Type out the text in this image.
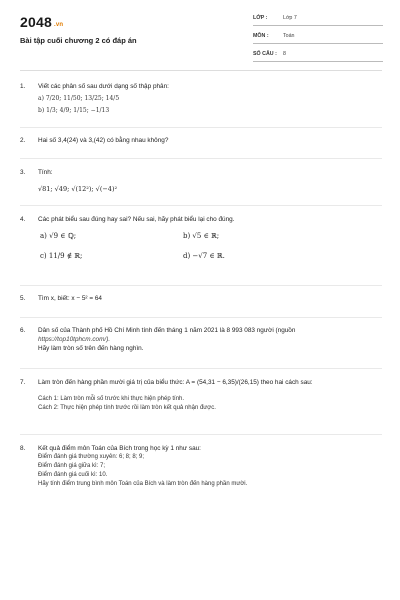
2048 .vn
Bài tập cuối chương 2 có đáp án
LỚP :	Lớp 7
MÔN :	Toán
SỐ CÂU : 8
1.	Viết các phân số sau dưới dạng số thập phân:
a) 7/20; 11/50; 13/25; 14/5
b) 1/3; 4/9; 1/15; −1/13
2.	Hai số 3,4(24) và 3,(42) có bằng nhau không?
3.	Tính:
√81; √49; √(12²); √(−4)²
4.	Các phát biểu sau đúng hay sai? Nếu sai, hãy phát biểu lại cho đúng.
a) √9 ∈ ℚ;	b) √5 ∈ ℝ;
c) 11/9 ∉ ℝ;	d) −√7 ∈ ℝ.
5.	Tìm x, biết: x − 5² = 64
6.	Dân số của Thành phố Hồ Chí Minh tính đến tháng 1 năm 2021 là 8 993 083 người (nguồn
https://top10tphcm.com/).
Hãy làm tròn số trên đến hàng nghìn.
7.	Làm tròn đến hàng phần mười giá trị của biểu thức: A = (54,31 − 6,35)/(26,15) theo hai cách sau:
Cách 1: Làm tròn mỗi số trước khi thực hiện phép tính.
Cách 2: Thực hiện phép tính trước rồi làm tròn kết quả nhận được.
8.	Kết quả điểm môn Toán của Bích trong học kỳ 1 như sau:
Điểm đánh giá thường xuyên: 6; 8; 8; 9;
Điểm đánh giá giữa kì: 7;
Điểm đánh giá cuối kì: 10.
Hãy tính điểm trung bình môn Toán của Bích và làm tròn đến hàng phần mười.
